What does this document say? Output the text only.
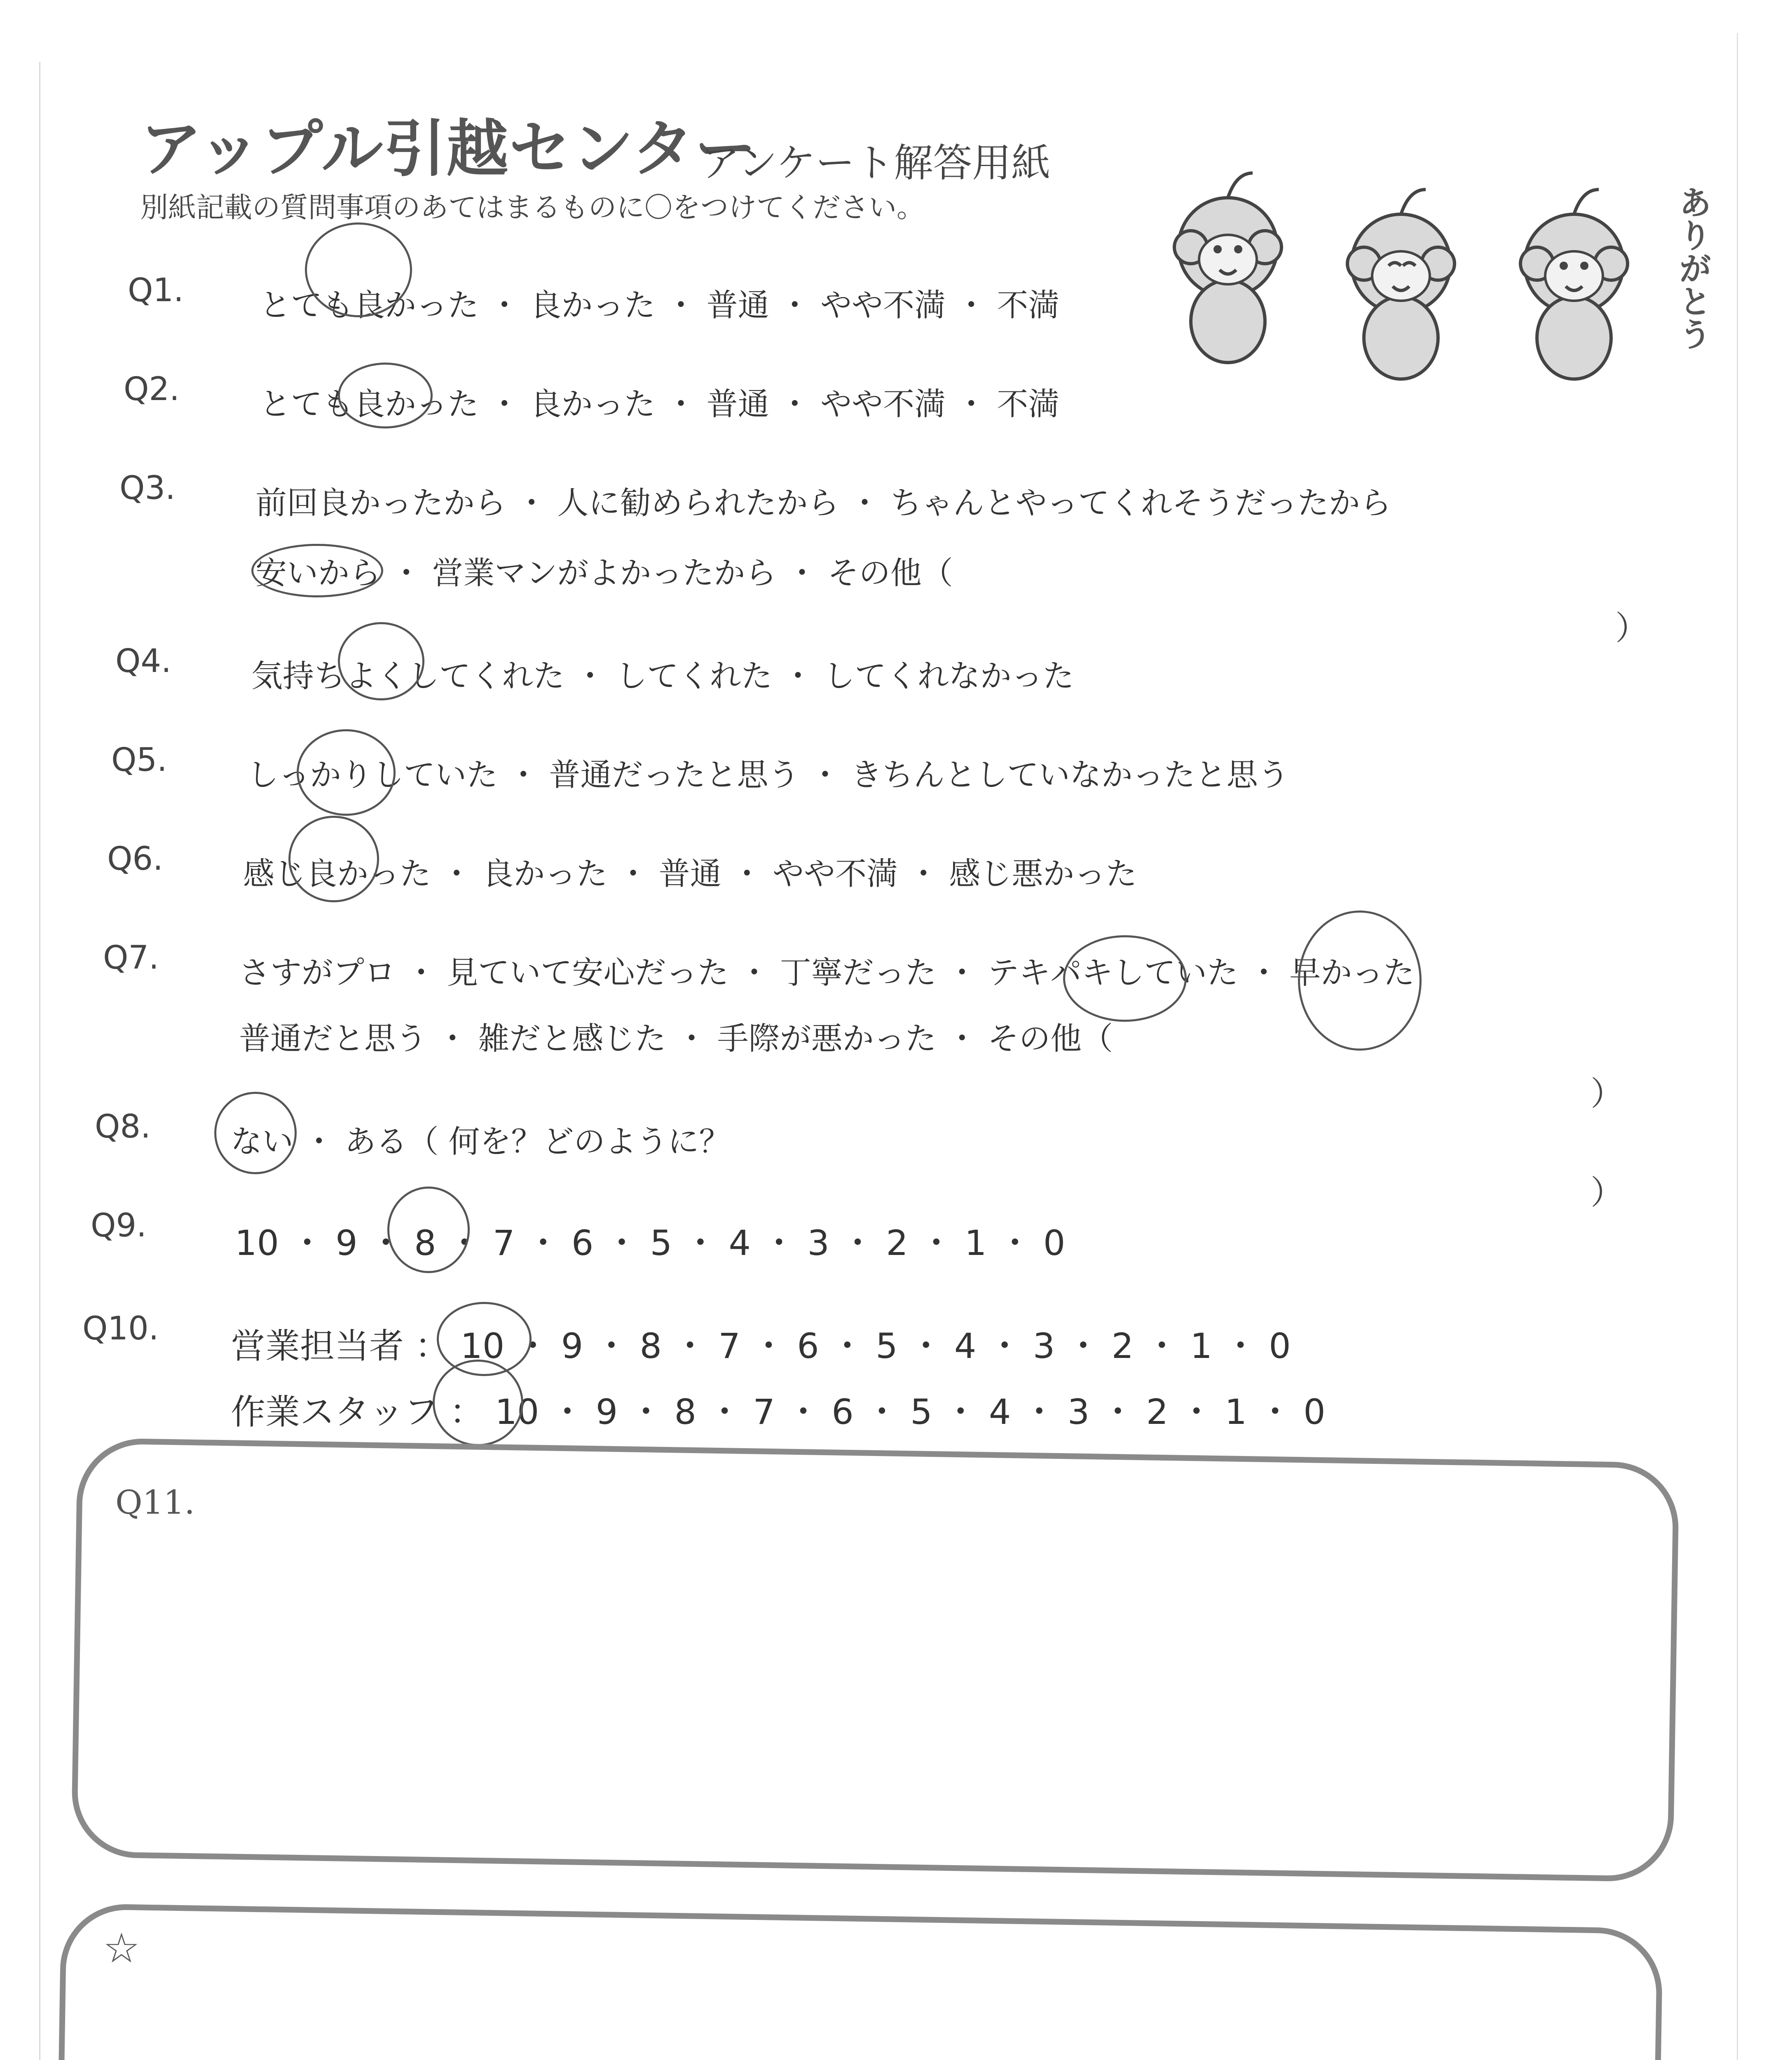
アップル引越センター
アンケート解答用紙
別紙記載の質問事項のあてはまるものに〇をつけてください。	ありがとう
Q1. とても良かった ・ 良かった ・ 普通 ・ やや不満 ・ 不満
Q2.	とても良かった ・ 良かった ・ 普通 ・ やや不満 ・ 不満
Q3.	前回良かったから ・ 人に勧められたから ・ ちゃんとやってくれそうだったから
安いから ・ 営業マンがよかったから ・ その他（
）
Q4.	気持ちよくしてくれた ・ してくれた ・ してくれなかった
Q5.	しっかりしていた ・ 普通だったと思う ・ きちんとしていなかったと思う
Q6.	感じ良かった ・ 良かった ・ 普通 ・ やや不満 ・ 感じ悪かった
Q7.	さすがプロ ・ 見ていて安心だった ・ 丁寧だった ・ テキパキしていた ・ 早かった
普通だと思う ・ 雑だと感じた ・ 手際が悪かった ・ その他（
）
Q8.	ない ・ ある（ 何を？どのように？
）
Q9.	10 ・ 9 ・ 8 ・ 7 ・ 6 ・ 5 ・ 4 ・ 3 ・ 2 ・ 1 ・ 0
Q10. 営業担当者 ： 10 ・ 9 ・ 8 ・ 7 ・ 6 ・ 5 ・ 4 ・ 3 ・ 2 ・ 1 ・ 0
作業スタッフ ： 10 ・ 9 ・ 8 ・ 7 ・ 6 ・ 5 ・ 4 ・ 3 ・ 2 ・ 1 ・ 0
Q11.
☆
